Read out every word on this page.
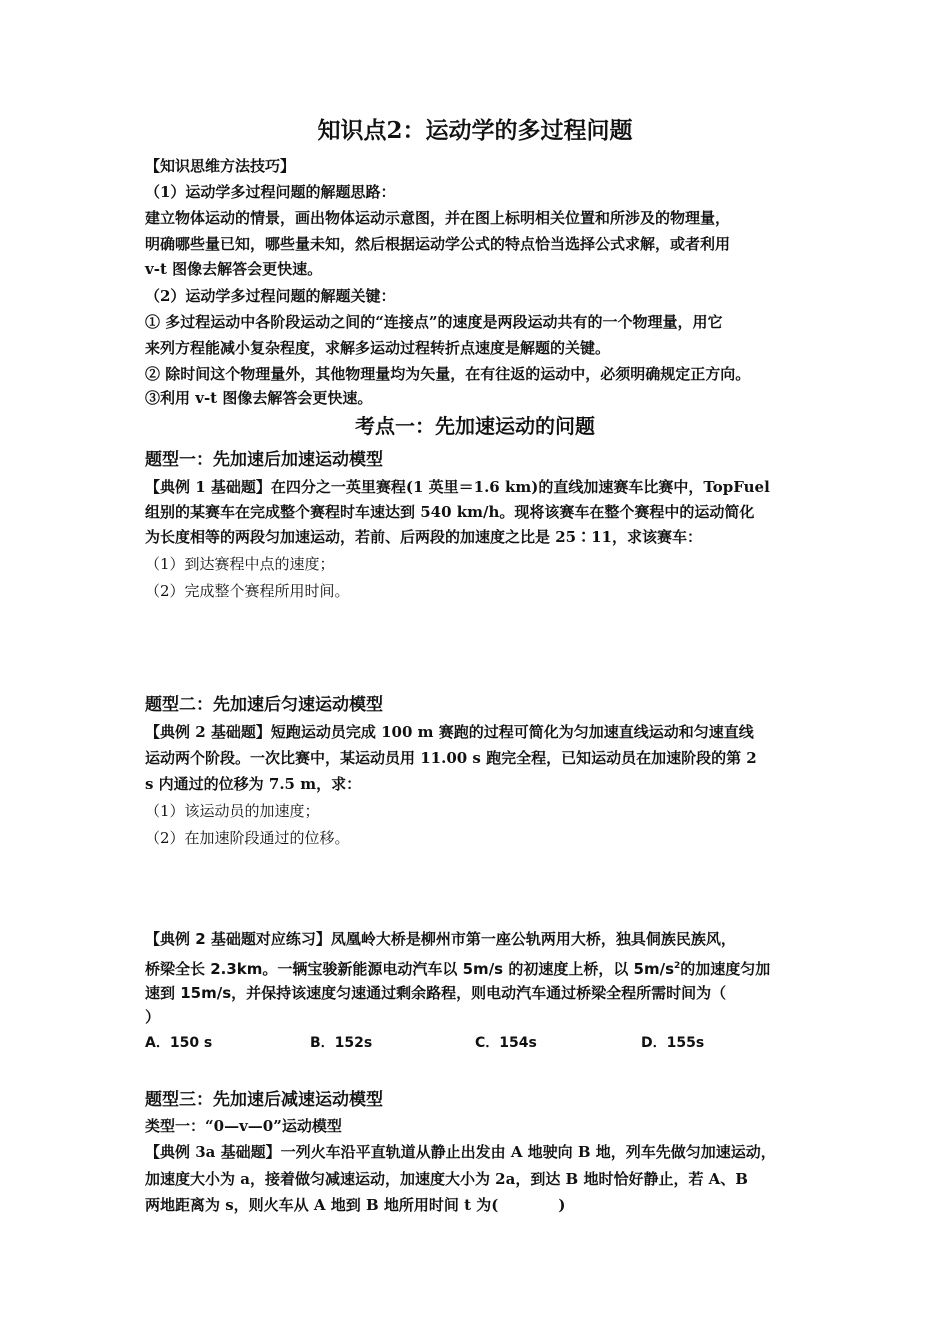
知识点2：运动学的多过程问题
【知识思维方法技巧】
（1）运动学多过程问题的解题思路：
建立物体运动的情景，画出物体运动示意图，并在图上标明相关位置和所涉及的物理量，
明确哪些量已知，哪些量未知，然后根据运动学公式的特点恰当选择公式求解，或者利用
v-t 图像去解答会更快速。
（2）运动学多过程问题的解题关键：
① 多过程运动中各阶段运动之间的“连接点”的速度是两段运动共有的一个物理量，用它
来列方程能减小复杂程度，求解多运动过程转折点速度是解题的关键。
② 除时间这个物理量外，其他物理量均为矢量，在有往返的运动中，必须明确规定正方向。
③利用 v-t 图像去解答会更快速。
考点一：先加速运动的问题
题型一：先加速后加速运动模型
【典例 1 基础题】在四分之一英里赛程(1 英里＝1.6 km)的直线加速赛车比赛中，TopFuel
组别的某赛车在完成整个赛程时车速达到 540 km/h。现将该赛车在整个赛程中的运动简化
为长度相等的两段匀加速运动，若前、后两段的加速度之比是 25∶11，求该赛车：
（1）到达赛程中点的速度；
（2）完成整个赛程所用时间。
题型二：先加速后匀速运动模型
【典例 2 基础题】短跑运动员完成 100 m 赛跑的过程可简化为匀加速直线运动和匀速直线
运动两个阶段。一次比赛中，某运动员用 11.00 s 跑完全程，已知运动员在加速阶段的第 2
s 内通过的位移为 7.5 m，求：
（1）该运动员的加速度；
（2）在加速阶段通过的位移。
【典例 2 基础题对应练习】凤凰岭大桥是柳州市第一座公轨两用大桥，独具侗族民族风，
桥梁全长 2.3km。一辆宝骏新能源电动汽车以 5m/s 的初速度上桥，以 $5m/s^2$的加速度匀加
速到 15m/s，并保持该速度匀速通过剩余路程，则电动汽车通过桥梁全程所需时间为（
）
A．150 s	B．152s	C．154s	D．155s
题型三：先加速后减速运动模型
类型一：“0—v—0”运动模型
【典例 3a 基础题】一列火车沿平直轨道从静止出发由 A 地驶向 B 地，列车先做匀加速运动，
加速度大小为 a，接着做匀减速运动，加速度大小为 2a，到达 B 地时恰好静止，若 A、B
两地距离为 s，则火车从 A 地到 B 地所用时间 t 为(　　　　)
